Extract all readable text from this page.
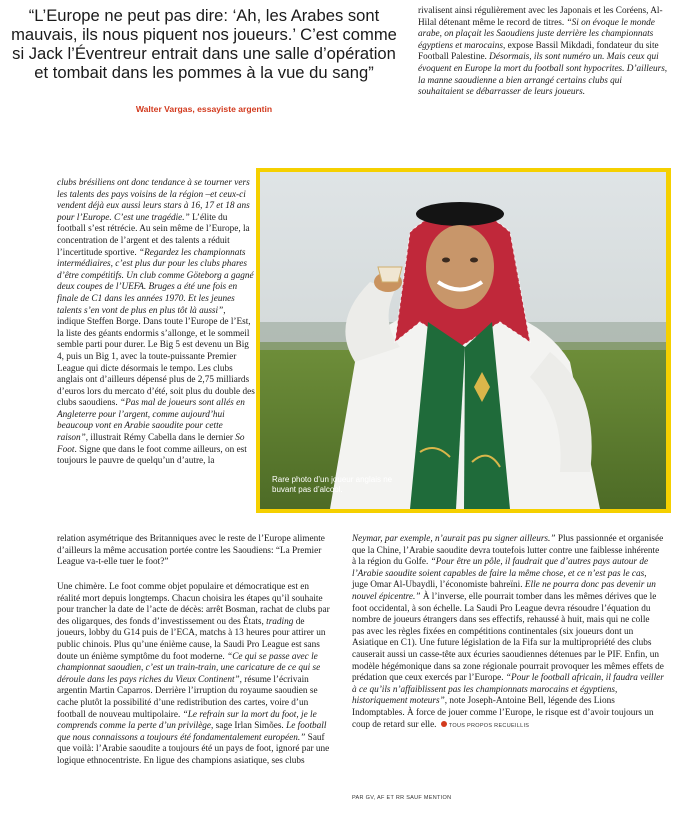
“L’Europe ne peut pas dire: ‘Ah, les Arabes sont mauvais, ils nous piquent nos joueurs.’ C’est comme si Jack l’Éventreur entrait dans une salle d’opération et tombait dans les pommes à la vue du sang”
Walter Vargas, essayiste argentin

rivalisent ainsi régulièrement avec les Japonais et les Coréens, Al-Hilal détenant même le record de titres. “Si on évoque le monde arabe, on plaçait les Saoudiens juste derrière les championnats égyptiens et marocains, expose Bassil Mikdadi, fondateur du site Football Palestine. Désormais, ils sont numéro un. Mais ceux qui évoquent en Europe la mort du football sont hypocrites. D’ailleurs, la manne saoudienne a bien arrangé certains clubs qui souhaitaient se débarrasser de leurs joueurs.

clubs brésiliens ont donc tendance à se tourner vers les talents des pays voisins de la région –et ceux-ci vendent déjà eux aussi leurs stars à 16, 17 et 18 ans pour l’Europe. C’est une tragédie.” L’élite du football s’est rétrécie. Au sein même de l’Europe, la concentration de l’argent et des talents a réduit l’incertitude sportive. “Regardez les championnats intermédiaires, c’est plus dur pour les clubs phares d’être compétitifs. Un club comme Göteborg a gagné deux coupes de l’UEFA. Bruges a été une fois en finale de C1 dans les années 1970. Et les jeunes talents s’en vont de plus en plus tôt là aussi”, indique Steffen Borge. Dans toute l’Europe de l’Est, la liste des géants endormis s’allonge, et le sommeil semble parti pour durer. Le Big 5 est devenu un Big 4, puis un Big 1, avec la toute-puissante Premier League qui dicte désormais le tempo. Les clubs anglais ont d’ailleurs dépensé plus de 2,75 milliards d’euros lors du mercato d’été, soit plus du double des clubs saoudiens. “Pas mal de joueurs sont allés en Angleterre pour l’argent, comme aujourd’hui beaucoup vont en Arabie saoudite pour cette raison”, illustrait Rémy Cabella dans le dernier So Foot. Signe que dans le foot comme ailleurs, on est toujours le pauvre de quelqu’un d’autre, la

Rare photo d’un joueur anglais ne buvant pas d’alcool.

relation asymétrique des Britanniques avec le reste de l’Europe alimente d’ailleurs la même accusation portée contre les Saoudiens: “La Premier League va-t-elle tuer le foot?”

Une chimère. Le foot comme objet populaire et démocratique est en réalité mort depuis longtemps. Chacun choisira les étapes qu’il souhaite pour trancher la date de l’acte de décès: arrêt Bosman, rachat de clubs par des oligarques, des fonds d’investissement ou des États, trading de joueurs, lobby du G14 puis de l’ECA, matchs à 13 heures pour attirer un public chinois. Plus qu’une énième cause, la Saudi Pro League est sans doute un énième symptôme du foot moderne. “Ce qui se passe avec le championnat saoudien, c’est un train-train, une caricature de ce qui se déroule dans les pays riches du Vieux Continent”, résume l’écrivain argentin Martin Caparros. Derrière l’irruption du royaume saoudien se cache plutôt la possibilité d’une redistribution des cartes, voire d’un football de nouveau multipolaire. “Le refrain sur la mort du foot, je le comprends comme la perte d’un privilège, sage Irlan Simões. Le football que nous connaissons a toujours été fondamentalement européen.” Sauf que voilà: l’Arabie saoudite a toujours été un pays de foot, ignoré par une logique ethnocentriste. En ligue des champions asiatique, ses clubs

Neymar, par exemple, n’aurait pas pu signer ailleurs.” Plus passionnée et organisée que la Chine, l’Arabie saoudite devra toutefois lutter contre une faiblesse inhérente à la région du Golfe. “Pour être un pôle, il faudrait que d’autres pays autour de l’Arabie saoudite soient capables de faire la même chose, et ce n’est pas le cas, juge Omar Al-Ubaydli, l’économiste bahreïni. Elle ne pourra donc pas devenir un nouvel épicentre.” À l’inverse, elle pourrait tomber dans les mêmes dérives que le foot occidental, à son échelle. La Saudi Pro League devra résoudre l’équation du nombre de joueurs étrangers dans ses effectifs, rehaussé à huit, mais qui ne colle pas avec les règles fixées en compétitions continentales (six joueurs dont un Asiatique en C1). Une future législation de la Fifa sur la multipropriété des clubs causerait aussi un casse-tête aux écuries saoudiennes détenues par le PIF. Enfin, un modèle hégémonique dans sa zone régionale pourrait provoquer les mêmes effets de prédation que ceux exercés par l’Europe. “Pour le football africain, il faudra veiller à ce qu’ils n’affaiblissent pas les championnats marocains et égyptiens, historiquement moteurs”, note Joseph-Antoine Bell, légende des Lions Indomptables. À force de jouer comme l’Europe, le risque est d’avoir toujours un coup de retard sur elle. TOUS PROPOS RECUEILLIS

PAR GV, AF ET RR SAUF MENTION
